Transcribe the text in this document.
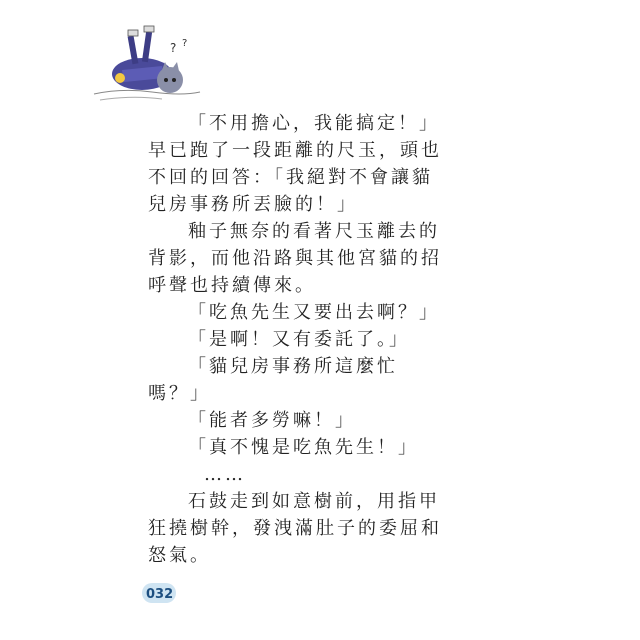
? ?
「不用擔心，我能搞定！」
早已跑了一段距離的尺玉，頭也
不回的回答：「我絕對不會讓貓
兒房事務所丟臉的！」
釉子無奈的看著尺玉離去的
背影，而他沿路與其他宮貓的招
呼聲也持續傳來。
「吃魚先生又要出去啊？」
「是啊！又有委託了。」
「貓兒房事務所這麼忙
嗎？」
「能者多勞嘛！」
「真不愧是吃魚先生！」
……
石鼓走到如意樹前，用指甲
狂撓樹幹，發洩滿肚子的委屈和
怒氣。
032
